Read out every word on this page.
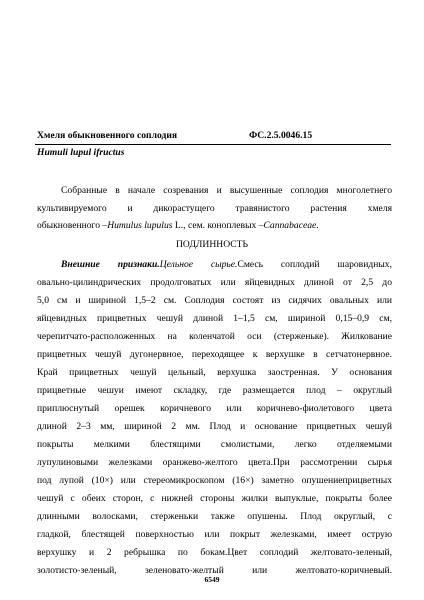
Хмеля обыкновенного соплодия	ФС.2.5.0046.15
Humuli lupul ifructus
Собранные в начале созревания и высушенные соплодия многолетнего
культивируемого и дикорастущего травянистого растения хмеля
обыкновенного –Humulus lupulus L., сем. коноплевых –Cannabaceae.
ПОДЛИННОСТЬ
Внешние признаки.Цельное сырье.Смесь соплодий шаровидных,
овально-цилиндрических продолговатых или яйцевидных длиной от 2,5 до
5,0 см и шириной 1,5–2 см. Соплодия состоят из сидячих овальных или
яйцевидных прицветных чешуй длиной 1–1,5 см, шириной 0,15–0,9 см,
черепитчато-расположенных на коленчатой оси (стерженьке). Жилкование
прицветных чешуй дугонервное, переходящее к верхушке в сетчатонервное.
Край прицветных чешуй цельный, верхушка заостренная. У основания
прицветные чешуи имеют складку, где размещается плод – округлый
приплюснутый орешек коричневого или коричнево-фиолетового цвета
длиной 2–3 мм, шириной 2 мм. Плод и основание прицветных чешуй
покрыты мелкими блестящими смолистыми, легко отделяемыми
лупулиновыми железками оранжево-желтого цвета.При рассмотрении сырья
под лупой (10×) или стереомикроскопом (16×) заметно опушениеприцветных
чешуй с обеих сторон, с нижней стороны жилки выпуклые, покрыты более
длинными волосками, стерженьки также опушены. Плод округлый, с
гладкой, блестящей поверхностью или покрыт железками, имеет острую
верхушку и 2 ребрышка по бокам.Цвет соплодий желтовато-зеленый,
золотисто-зеленый, зеленовато-желтый или желтовато-коричневый.
6549
